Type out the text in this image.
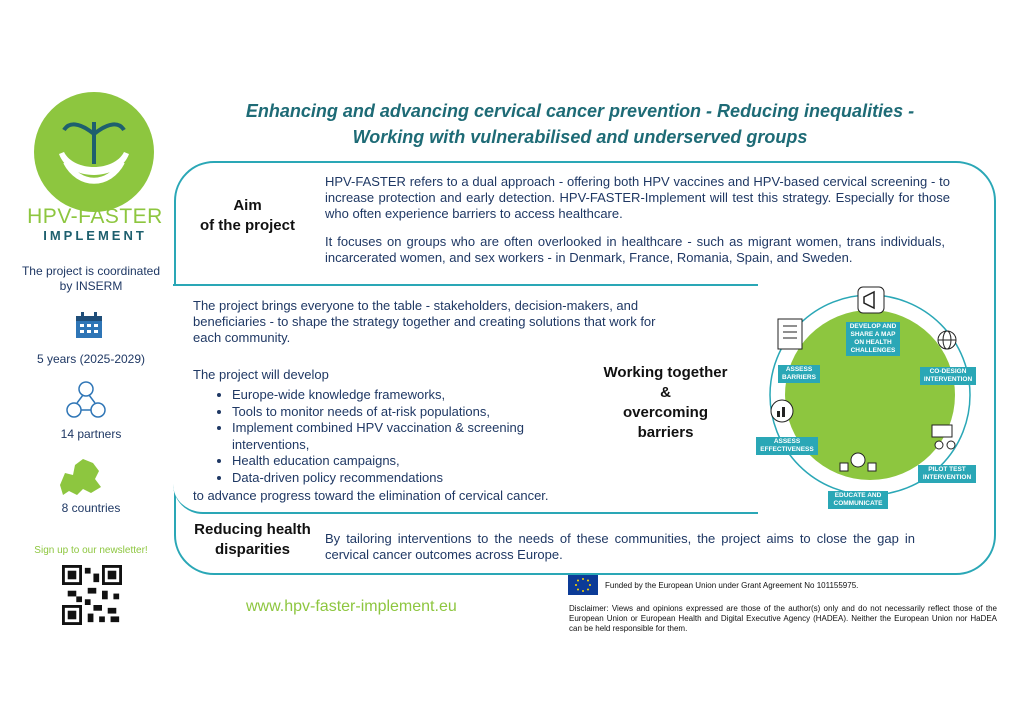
HPV-FASTER
IMPLEMENT
The project is coordinated by INSERM
5 years (2025-2029)
14 partners
8 countries
Sign up to our newsletter!
Enhancing and advancing cervical cancer prevention - Reducing inequalities -
Working with vulnerabilised and underserved groups
Aim
of the project
HPV-FASTER refers to a dual approach - offering both HPV vaccines and HPV-based cervical screening - to increase protection and early detection. HPV-FASTER-Implement will test this strategy. Especially for those who often experience barriers to access healthcare.
It focuses on groups who are often overlooked in healthcare - such as migrant women, trans individuals, incarcerated women, and sex workers - in Denmark, France, Romania, Spain, and Sweden.
The project brings everyone to the table - stakeholders, decision-makers, and beneficiaries - to shape the strategy together and creating solutions that work for each community.
The project will develop
• Europe-wide knowledge frameworks,
• Tools to monitor needs of at-risk populations,
• Implement combined HPV vaccination & screening interventions,
• Health education campaigns,
• Data-driven policy recommendations
to advance progress toward the elimination of cervical cancer.
Working together
&
overcoming
barriers
DEVELOP AND SHARE A MAP ON HEALTH CHALLENGES
CO-DESIGN INTERVENTION
PILOT TEST INTERVENTION
EDUCATE AND COMMUNICATE
ASSESS EFFECTIVENESS
ASSESS BARRIERS
Reducing health
disparities
By tailoring interventions to the needs of these communities, the project aims to close the gap in cervical cancer outcomes across Europe.
www.hpv-faster-implement.eu
Funded by the European Union under Grant Agreement No 101155975.
Disclaimer: Views and opinions expressed are those of the author(s) only and do not necessarily reflect those of the European Union or European Health and Digital Executive Agency (HADEA). Neither the European Union nor HaDEA can be held responsible for them.
